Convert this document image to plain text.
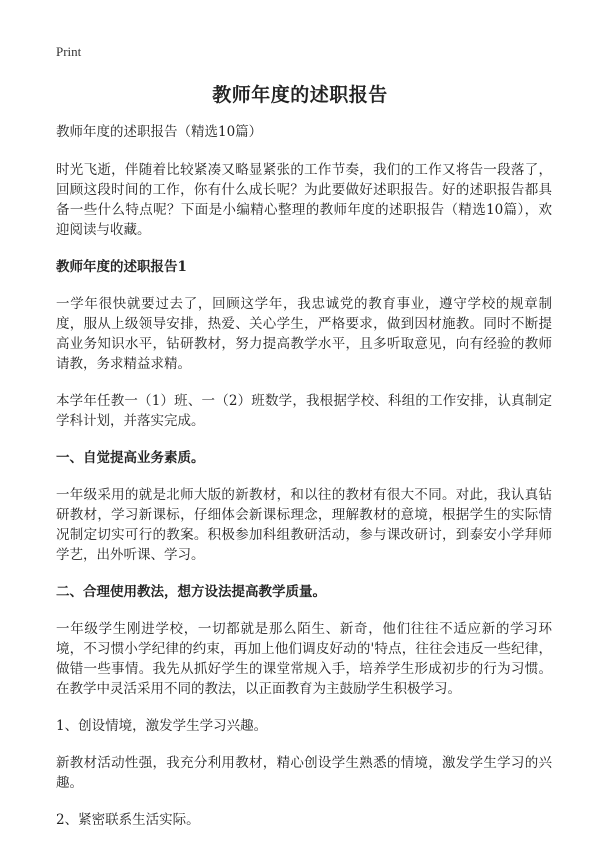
Print
教师年度的述职报告
教师年度的述职报告（精选10篇）

时光飞逝，伴随着比较紧凑又略显紧张的工作节奏，我们的工作又将告一段落了，回顾这段时间的工作，你有什么成长呢？为此要做好述职报告。好的述职报告都具备一些什么特点呢？下面是小编精心整理的教师年度的述职报告（精选10篇），欢迎阅读与收藏。

教师年度的述职报告1

一学年很快就要过去了，回顾这学年，我忠诚党的教育事业，遵守学校的规章制度，服从上级领导安排，热爱、关心学生，严格要求，做到因材施教。同时不断提高业务知识水平，钻研教材，努力提高教学水平，且多听取意见，向有经验的教师请教，务求精益求精。

本学年任教一（1）班、一（2）班数学，我根据学校、科组的工作安排，认真制定学科计划，并落实完成。

一、自觉提高业务素质。

一年级采用的就是北师大版的新教材，和以往的教材有很大不同。对此，我认真钻研教材，学习新课标，仔细体会新课标理念，理解教材的意境，根据学生的实际情况制定切实可行的教案。积极参加科组教研活动，参与课改研讨，到泰安小学拜师学艺，出外听课、学习。

二、合理使用教法，想方设法提高教学质量。

一年级学生刚进学校，一切都就是那么陌生、新奇，他们往往不适应新的学习环境，不习惯小学纪律的约束，再加上他们调皮好动的'特点，往往会违反一些纪律，做错一些事情。我先从抓好学生的课堂常规入手，培养学生形成初步的行为习惯。在教学中灵活采用不同的教法，以正面教育为主鼓励学生积极学习。

1、创设情境，激发学生学习兴趣。

新教材活动性强，我充分利用教材，精心创设学生熟悉的情境，激发学生学习的兴趣。

2、紧密联系生活实际。
